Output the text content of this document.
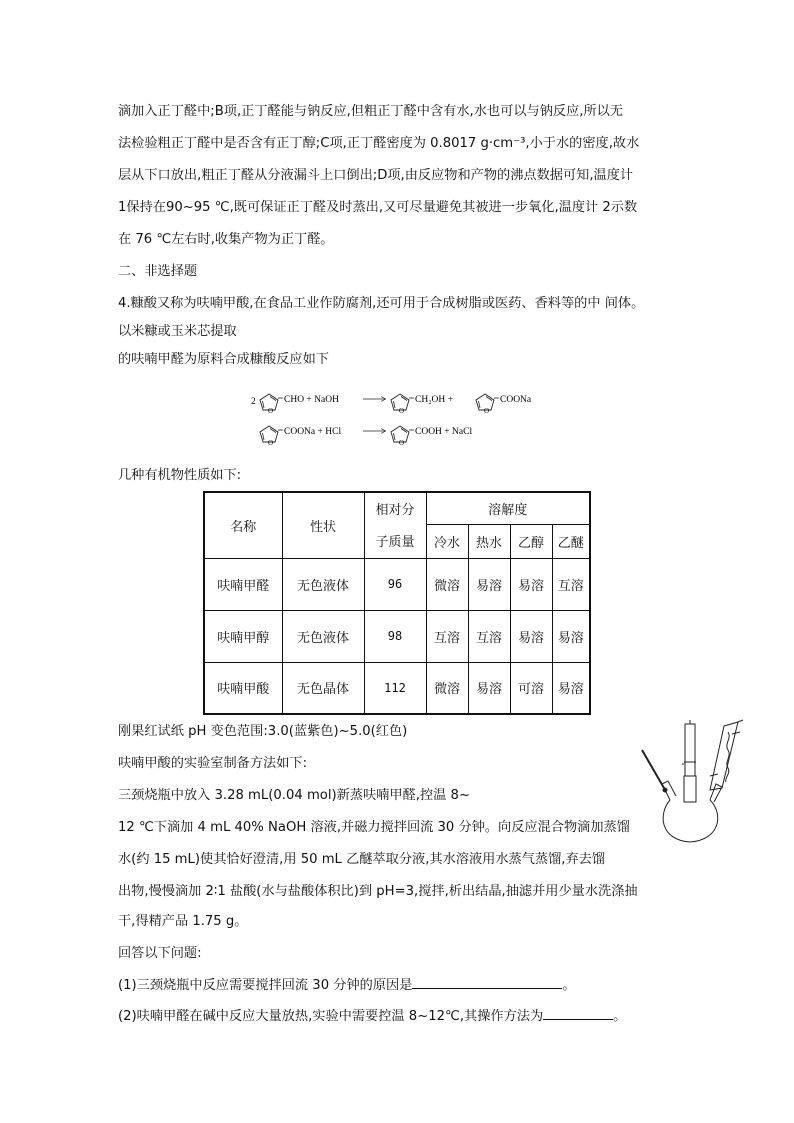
滴加入正丁醛中;B项,正丁醛能与钠反应,但粗正丁醛中含有水,水也可以与钠反应,所以无
法检验粗正丁醛中是否含有正丁醇;C项,正丁醛密度为 0.8017 g·cm⁻³,小于水的密度,故水
层从下口放出,粗正丁醛从分液漏斗上口倒出;D项,由反应物和产物的沸点数据可知,温度计
1保持在90~95 ℃,既可保证正丁醛及时蒸出,又可尽量避免其被进一步氧化,温度计 2示数
在 76 ℃左右时,收集产物为正丁醛。
二、非选择题
4.糠酸又称为呋喃甲酸,在食品工业作防腐剂,还可用于合成树脂或医药、香料等的中 间体。
以米糠或玉米芯提取
的呋喃甲醛为原料合成糠酸反应如下
2
O
CHO + NaOH
O
CH₂OH +
O
COONa
O
COONa + HCl
O
COOH + NaCl
几种有机物性质如下:
名称	性状	相对分	溶解度			
		子质量	冷水	热水	乙醇	乙醚
呋喃甲醛	无色液体	96	微溶	易溶	易溶	互溶
呋喃甲醇	无色液体	98	互溶	互溶	易溶	易溶
呋喃甲酸	无色晶体	112	微溶	易溶	可溶	易溶
刚果红试纸 pH 变色范围:3.0(蓝紫色)~5.0(红色)
呋喃甲酸的实验室制备方法如下:
三颈烧瓶中放入 3.28 mL(0.04 mol)新蒸呋喃甲醛,控温 8~
12 ℃下滴加 4 mL 40% NaOH 溶液,并磁力搅拌回流 30 分钟。向反应混合物滴加蒸馏
水(约 15 mL)使其恰好澄清,用 50 mL 乙醚萃取分液,其水溶液用水蒸气蒸馏,弃去馏
出物,慢慢滴加 2∶1 盐酸(水与盐酸体积比)到 pH=3,搅拌,析出结晶,抽滤并用少量水洗涤抽
干,得精产品 1.75 g。
回答以下问题:
(1)三颈烧瓶中反应需要搅拌回流 30 分钟的原因是	。
(2)呋喃甲醛在碱中反应大量放热,实验中需要控温 8~12℃,其操作方法为	。
